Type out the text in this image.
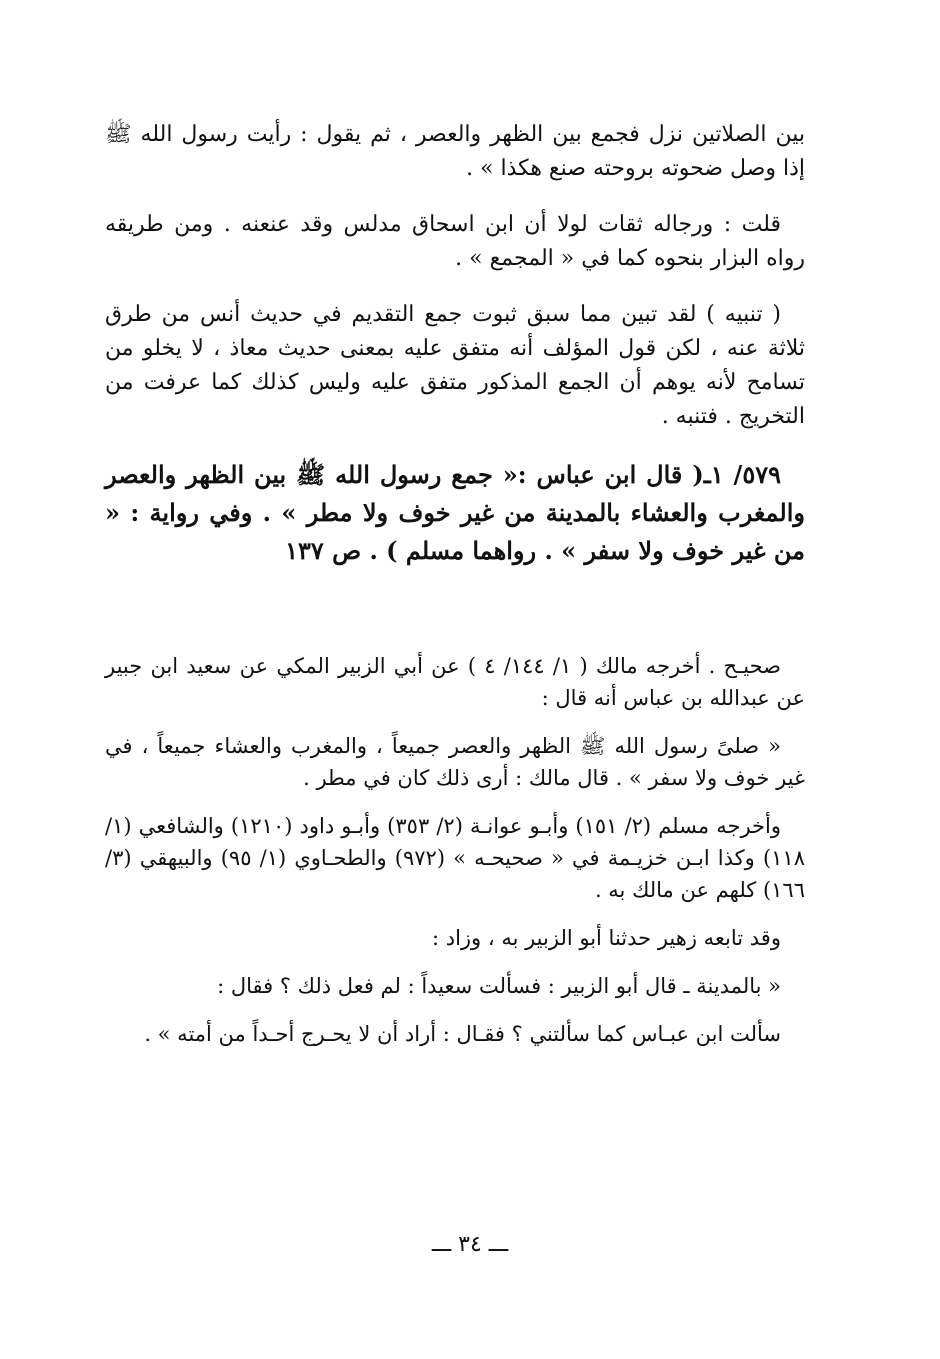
بين الصلاتين نزل فجمع بين الظهر والعصر ، ثم يقول : رأيت رسول الله ﷺ إذا وصل ضحوته بروحته صنع هكذا » .

قلت : ورجاله ثقات لولا أن ابن اسحاق مدلس وقد عنعنه . ومن طريقه رواه البزار بنحوه كما في « المجمع » .

( تنبيه ) لقد تبين مما سبق ثبوت جمع التقديم في حديث أنس من طرق ثلاثة عنه ، لكن قول المؤلف أنه متفق عليه بمعنى حديث معاذ ، لا يخلو من تسامح لأنه يوهم أن الجمع المذكور متفق عليه وليس كذلك كما عرفت من التخريج . فتنبه .

٥٧٩/ ١ـ( قال ابن عباس :« جمع رسول الله ﷺ بين الظهر والعصر والمغرب والعشاء بالمدينة من غير خوف ولا مطر » . وفي رواية : « من غير خوف ولا سفر » . رواهما مسلم ) . ص ١٣٧

صحيـح . أخرجه مالك ( ١/ ١٤٤/ ٤ ) عن أبي الزبير المكي عن سعيد ابن جبير عن عبدالله بن عباس أنه قال :

« صلىً رسول الله ﷺ الظهر والعصر جميعاً ، والمغرب والعشاء جميعاً ، في غير خوف ولا سفر » . قال مالك : أرى ذلك كان في مطر .

وأخرجه مسلم (٢/ ١٥١) وأبـو عوانـة (٢/ ٣٥٣) وأبـو داود (١٢١٠) والشافعي (١/ ١١٨) وكذا ابـن خزيـمة في « صحيحـه » (٩٧٢) والطحـاوي (١/ ٩٥) والبيهقي (٣/ ١٦٦) كلهم عن مالك به .

وقد تابعه زهير حدثنا أبو الزبير به ، وزاد :

« بالمدينة ـ قال أبو الزبير : فسألت سعيداً : لم فعل ذلك ؟ فقال :

سألت ابن عبـاس كما سألتني ؟ فقـال : أراد أن لا يحـرج أحـداً من أمته » .

ـــ ٣٤ ـــ
